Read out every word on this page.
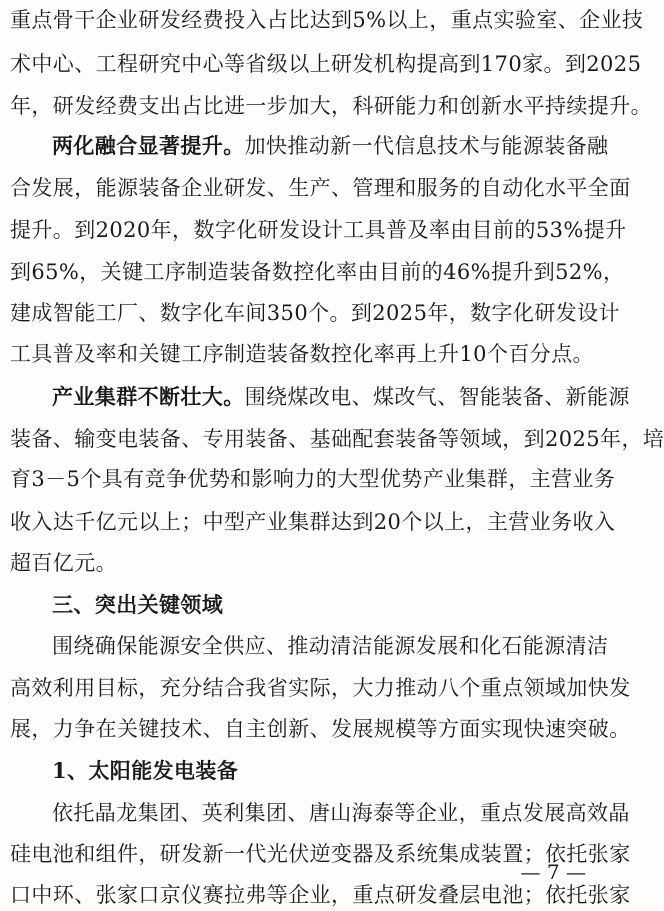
重点骨干企业研发经费投入占比达到5%以上，重点实验室、企业技
术中心、工程研究中心等省级以上研发机构提高到170家。到2025
年，研发经费支出占比进一步加大，科研能力和创新水平持续提升。
两化融合显著提升。加快推动新一代信息技术与能源装备融
合发展，能源装备企业研发、生产、管理和服务的自动化水平全面
提升。到2020年，数字化研发设计工具普及率由目前的53%提升
到65%，关键工序制造装备数控化率由目前的46%提升到52%，
建成智能工厂、数字化车间350个。到2025年，数字化研发设计
工具普及率和关键工序制造装备数控化率再上升10个百分点。
产业集群不断壮大。围绕煤改电、煤改气、智能装备、新能源
装备、输变电装备、专用装备、基础配套装备等领域，到2025年，培
育3－5个具有竞争优势和影响力的大型优势产业集群，主营业务
收入达千亿元以上；中型产业集群达到20个以上，主营业务收入
超百亿元。
三、突出关键领域
围绕确保能源安全供应、推动清洁能源发展和化石能源清洁
高效利用目标，充分结合我省实际，大力推动八个重点领域加快发
展，力争在关键技术、自主创新、发展规模等方面实现快速突破。
1、太阳能发电装备
依托晶龙集团、英利集团、唐山海泰等企业，重点发展高效晶
硅电池和组件，研发新一代光伏逆变器及系统集成装置；依托张家
口中环、张家口京仪赛拉弗等企业，重点研发叠层电池；依托张家
— 7 —
